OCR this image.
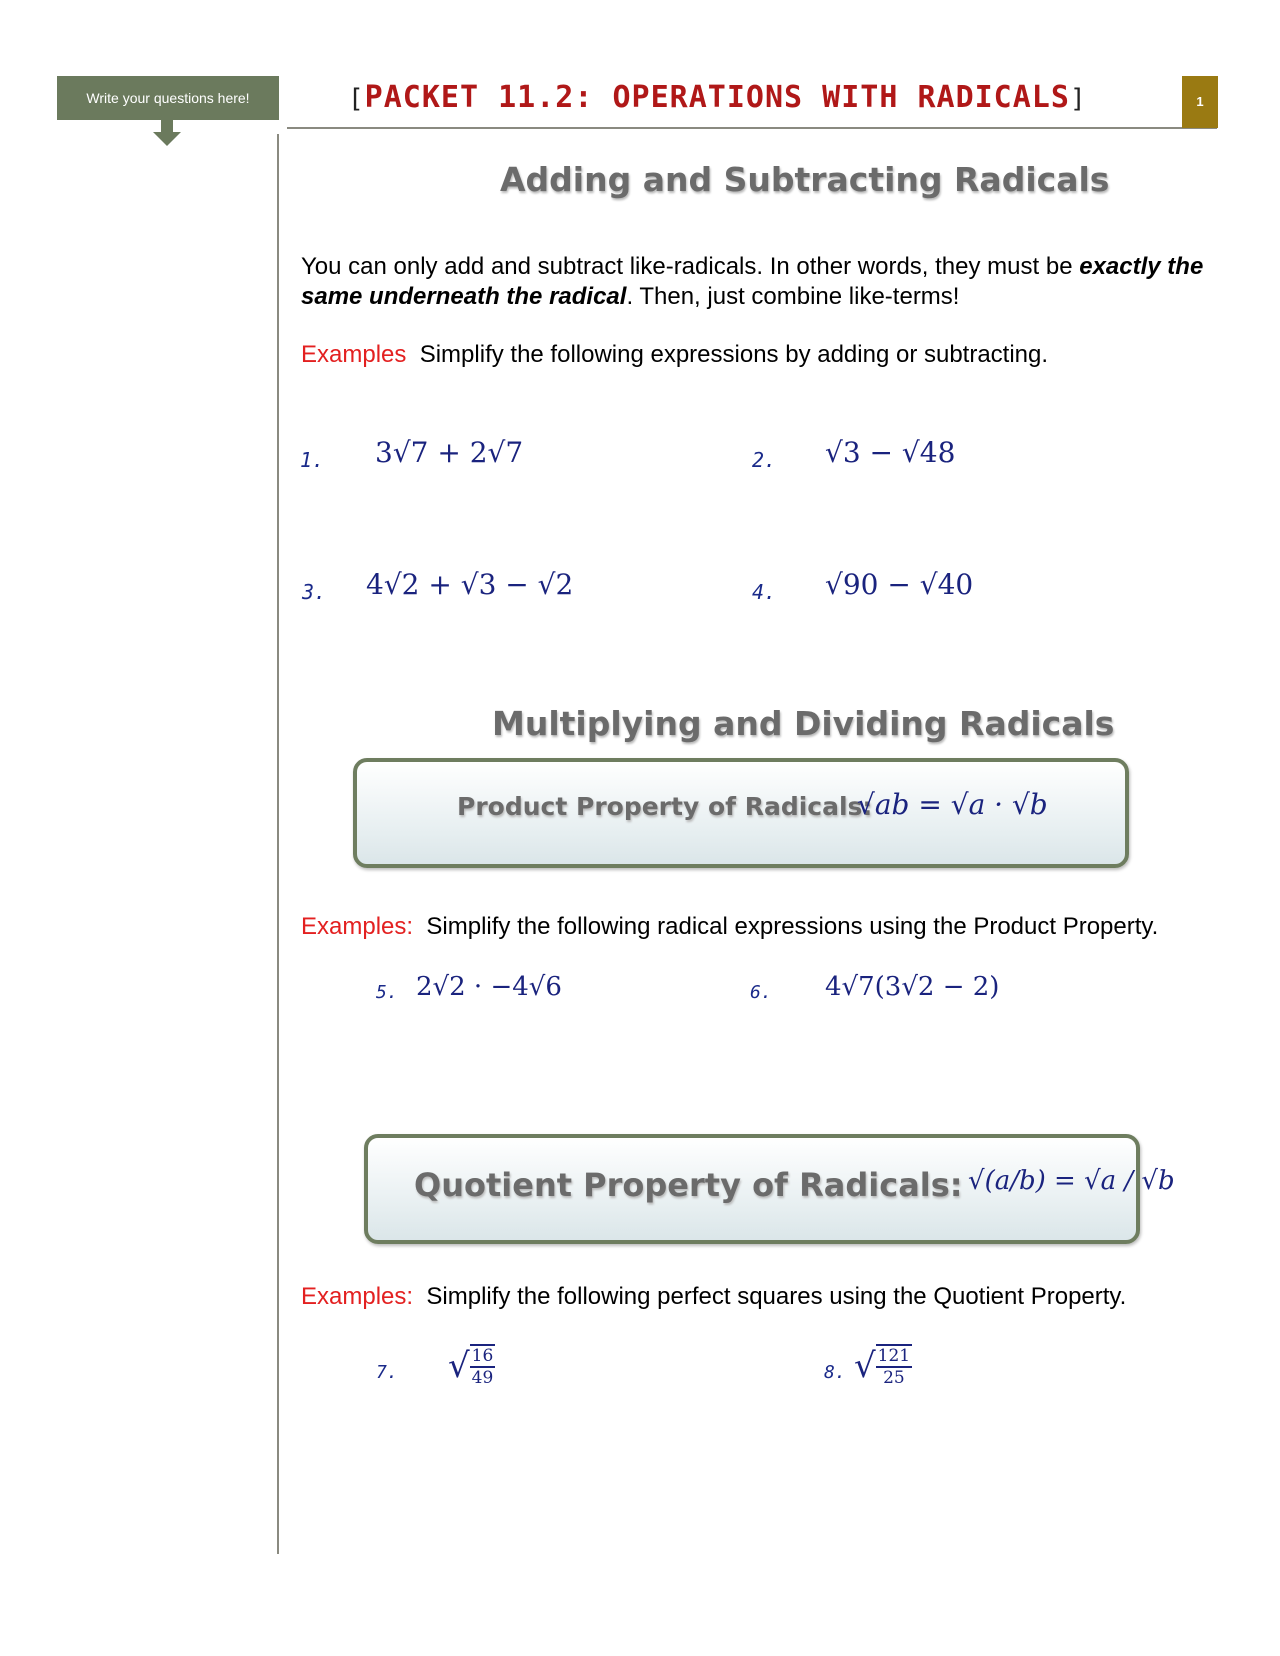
Write your questions here!	[PACKET 11.2: OPERATIONS WITH RADICALS]	1
Adding and Subtracting Radicals
You can only add and subtract like-radicals. In other words, they must be exactly the same underneath the radical. Then, just combine like-terms!
Examples Simplify the following expressions by adding or subtracting.
1. 3√7 + 2√7	2. √3 − √48
3. 4√2 + √3 − √2	4. √90 − √40
Multiplying and Dividing Radicals
Product Property of Radicals:
√ab = √a · √b
Examples: Simplify the following radical expressions using the Product Property.
5. 2√2 · −4√6	6. 4√7(3√2 − 2)
Quotient Property of Radicals: √(a/b) = √a / √b
Examples: Simplify the following perfect squares using the Quotient Property.
7. √ $\frac{16}{49}$	8. √ $\frac{121}{25}$
